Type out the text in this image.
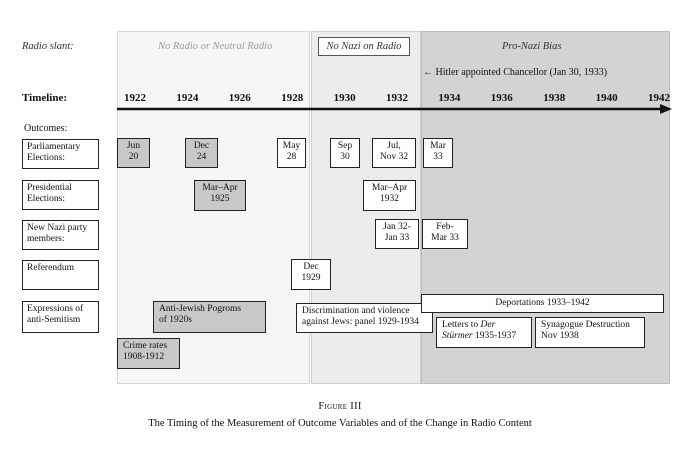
Radio slant:	No Radio or Neutral Radio	No Nazi on Radio	Pro-Nazi Bias
← Hitler appointed Chancellor (Jan 30, 1933)
Timeline:	1922	1924	1926	1928	1930	1932	1934	1936	1938	1940	1942
Outcomes:
Parliamentary
Elections:
Presidential
Elections:
New Nazi party
members:
Referendum
Expressions of
anti-Semitism
Jun
20
Dec
24
May
28
Sep
30
Jul,
Nov 32
Mar
33
Mar–Apr
1925
Mar–Apr
1932
Jan 32-
Jan 33
Feb-
Mar 33
Dec
1929
Anti-Jewish Pogroms
of 1920s
Crime rates
1908-1912
Discrimination and violence
against Jews: panel 1929-1934
Deportations 1933–1942
Letters to Der
Stürmer 1935-1937
Synagogue Destruction
Nov 1938
Figure III
The Timing of the Measurement of Outcome Variables and of the Change in Radio Content
